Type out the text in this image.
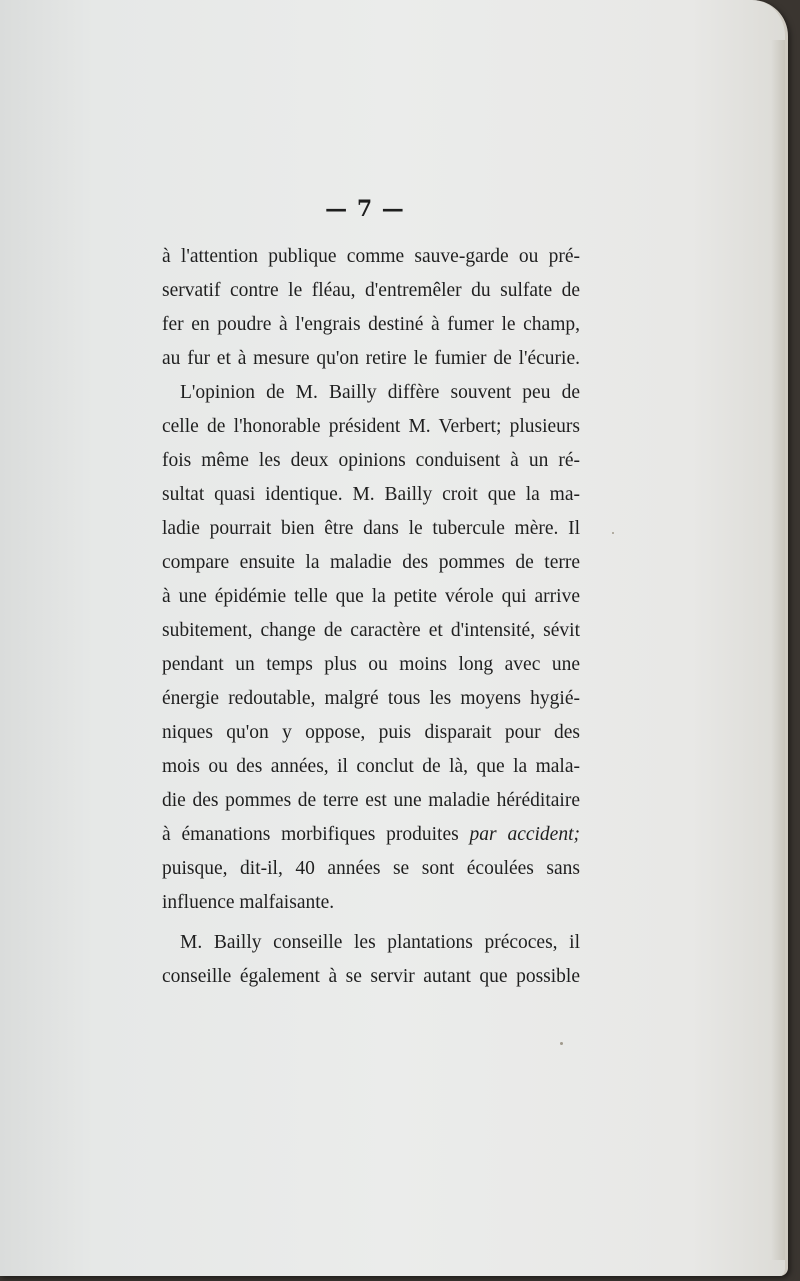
— 7 —
à l'attention publique comme sauve-garde ou pré-
servatif contre le fléau, d'entremêler du sulfate de
fer en poudre à l'engrais destiné à fumer le champ,
au fur et à mesure qu'on retire le fumier de l'écurie.
L'opinion de M. Bailly diffère souvent peu de
celle de l'honorable président M. Verbert; plusieurs
fois même les deux opinions conduisent à un ré-
sultat quasi identique. M. Bailly croit que la ma-
ladie pourrait bien être dans le tubercule mère. Il
compare ensuite la maladie des pommes de terre
à une épidémie telle que la petite vérole qui arrive
subitement, change de caractère et d'intensité, sévit
pendant un temps plus ou moins long avec une
énergie redoutable, malgré tous les moyens hygié-
niques qu'on y oppose, puis disparait pour des
mois ou des années, il conclut de là, que la mala-
die des pommes de terre est une maladie héréditaire
à émanations morbifiques produites par accident;
puisque, dit-il, 40 années se sont écoulées sans
influence malfaisante.
M. Bailly conseille les plantations précoces, il
conseille également à se servir autant que possible
